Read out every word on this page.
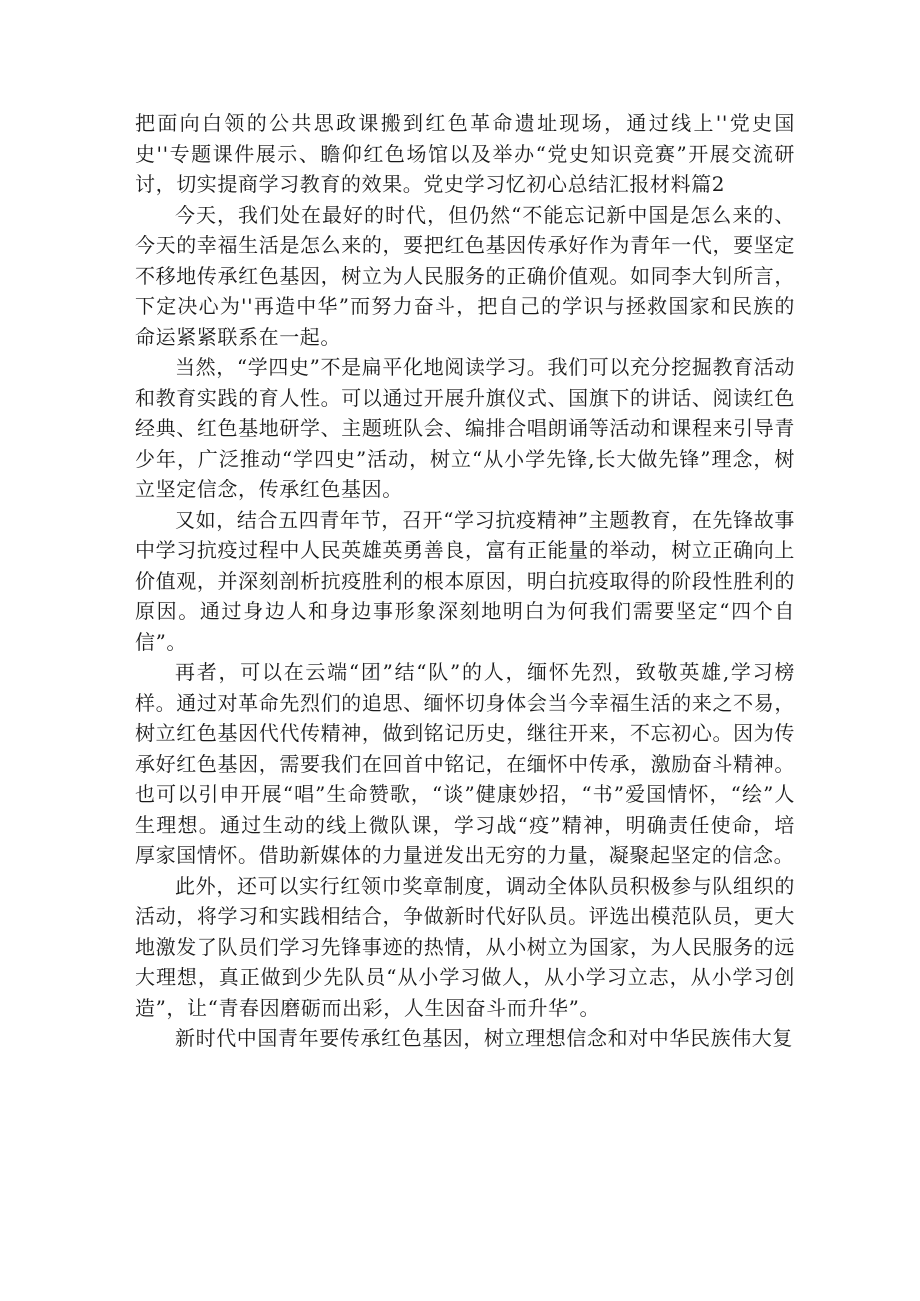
把面向白领的公共思政课搬到红色革命遗址现场，通过线上''党史国史''专题课件展示、瞻仰红色场馆以及举办“党史知识竞赛”开展交流研讨，切实提商学习教育的效果。党史学习忆初心总结汇报材料篇2

今天，我们处在最好的时代，但仍然“不能忘记新中国是怎么来的、今天的幸福生活是怎么来的，要把红色基因传承好作为青年一代，要坚定不移地传承红色基因，树立为人民服务的正确价值观。如同李大钊所言，下定决心为''再造中华”而努力奋斗，把自己的学识与拯救国家和民族的命运紧紧联系在一起。

当然，“学四史”不是扁平化地阅读学习。我们可以充分挖掘教育活动和教育实践的育人性。可以通过开展升旗仪式、国旗下的讲话、阅读红色经典、红色基地研学、主题班队会、编排合唱朗诵等活动和课程来引导青少年，广泛推动“学四史”活动，树立“从小学先锋,长大做先锋”理念，树立坚定信念，传承红色基因。

又如，结合五四青年节，召开“学习抗疫精神”主题教育，在先锋故事中学习抗疫过程中人民英雄英勇善良，富有正能量的举动，树立正确向上价值观，并深刻剖析抗疫胜利的根本原因，明白抗疫取得的阶段性胜利的原因。通过身边人和身边事形象深刻地明白为何我们需要坚定“四个自信”。

再者，可以在云端“团”结“队”的人，缅怀先烈，致敬英雄,学习榜样。通过对革命先烈们的追思、缅怀切身体会当今幸福生活的来之不易，树立红色基因代代传精神，做到铭记历史，继往开来，不忘初心。因为传承好红色基因，需要我们在回首中铭记，在缅怀中传承，激励奋斗精神。也可以引申开展“唱”生命赞歌，“谈”健康妙招，“书”爱国情怀，“绘”人生理想。通过生动的线上微队课，学习战“疫”精神，明确责任使命，培厚家国情怀。借助新媒体的力量迸发出无穷的力量，凝聚起坚定的信念。

此外，还可以实行红领巾奖章制度，调动全体队员积极参与队组织的活动，将学习和实践相结合，争做新时代好队员。评选出模范队员，更大地激发了队员们学习先锋事迹的热情，从小树立为国家，为人民服务的远大理想，真正做到少先队员“从小学习做人，从小学习立志，从小学习创造”，让“青春因磨砺而出彩，人生因奋斗而升华”。

新时代中国青年要传承红色基因，树立理想信念和对中华民族伟大复
